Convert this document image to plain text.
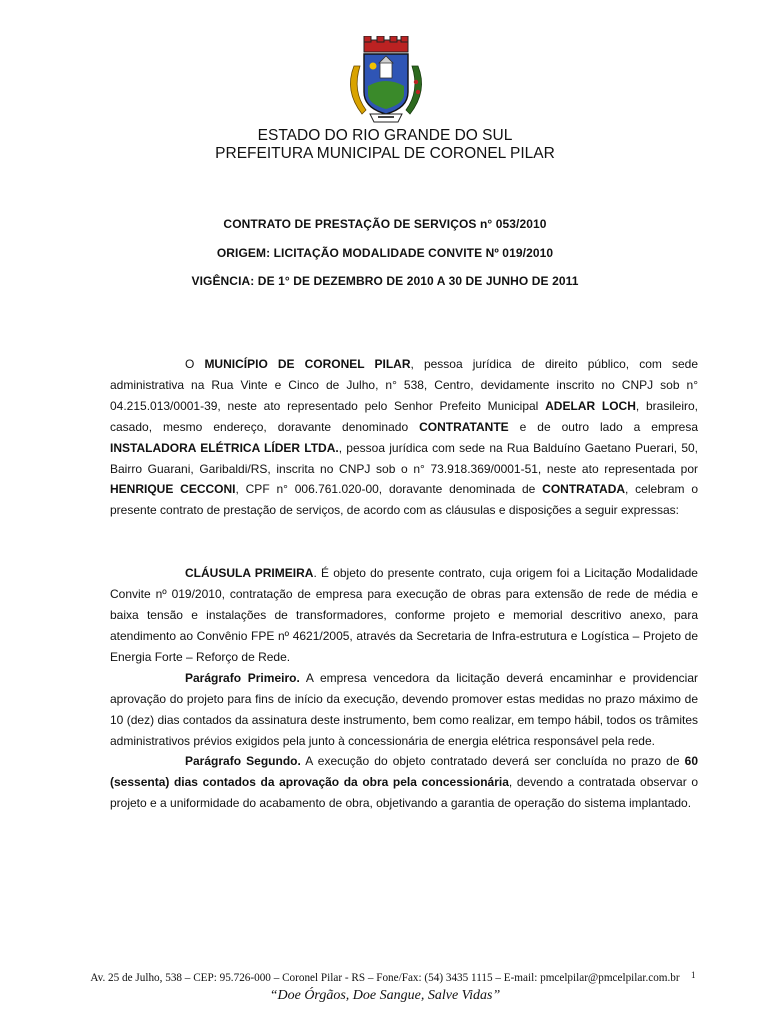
ESTADO DO RIO GRANDE DO SUL
PREFEITURA MUNICIPAL DE CORONEL PILAR
CONTRATO DE PRESTAÇÃO DE SERVIÇOS n° 053/2010
ORIGEM: LICITAÇÃO MODALIDADE CONVITE Nº 019/2010
VIGÊNCIA: DE 1° DE DEZEMBRO DE 2010 A 30 DE JUNHO DE 2011

O MUNICÍPIO DE CORONEL PILAR, pessoa jurídica de direito público, com sede administrativa na Rua Vinte e Cinco de Julho, n° 538, Centro, devidamente inscrito no CNPJ sob n° 04.215.013/0001-39, neste ato representado pelo Senhor Prefeito Municipal ADELAR LOCH, brasileiro, casado, mesmo endereço, doravante denominado CONTRATANTE e de outro lado a empresa INSTALADORA ELÉTRICA LÍDER LTDA., pessoa jurídica com sede na Rua Balduíno Gaetano Puerari, 50, Bairro Guarani, Garibaldi/RS, inscrita no CNPJ sob o n° 73.918.369/0001-51, neste ato representada por HENRIQUE CECCONI, CPF n° 006.761.020-00, doravante denominada de CONTRATADA, celebram o presente contrato de prestação de serviços, de acordo com as cláusulas e disposições a seguir expressas:

CLÁUSULA PRIMEIRA. É objeto do presente contrato, cuja origem foi a Licitação Modalidade Convite nº 019/2010, contratação de empresa para execução de obras para extensão de rede de média e baixa tensão e instalações de transformadores, conforme projeto e memorial descritivo anexo, para atendimento ao Convênio FPE nº 4621/2005, através da Secretaria de Infra-estrutura e Logística – Projeto de Energia Forte – Reforço de Rede.

Parágrafo Primeiro. A empresa vencedora da licitação deverá encaminhar e providenciar aprovação do projeto para fins de início da execução, devendo promover estas medidas no prazo máximo de 10 (dez) dias contados da assinatura deste instrumento, bem como realizar, em tempo hábil, todos os trâmites administrativos prévios exigidos pela junto à concessionária de energia elétrica responsável pela rede.

Parágrafo Segundo. A execução do objeto contratado deverá ser concluída no prazo de 60 (sessenta) dias contados da aprovação da obra pela concessionária, devendo a contratada observar o projeto e a uniformidade do acabamento de obra, objetivando a garantia de operação do sistema implantado.

Av. 25 de Julho, 538 – CEP: 95.726-000 – Coronel Pilar - RS – Fone/Fax: (54) 3435 1115 – E-mail: pmcelpilar@pmcelpilar.com.br	1
“Doe Órgãos, Doe Sangue, Salve Vidas”
